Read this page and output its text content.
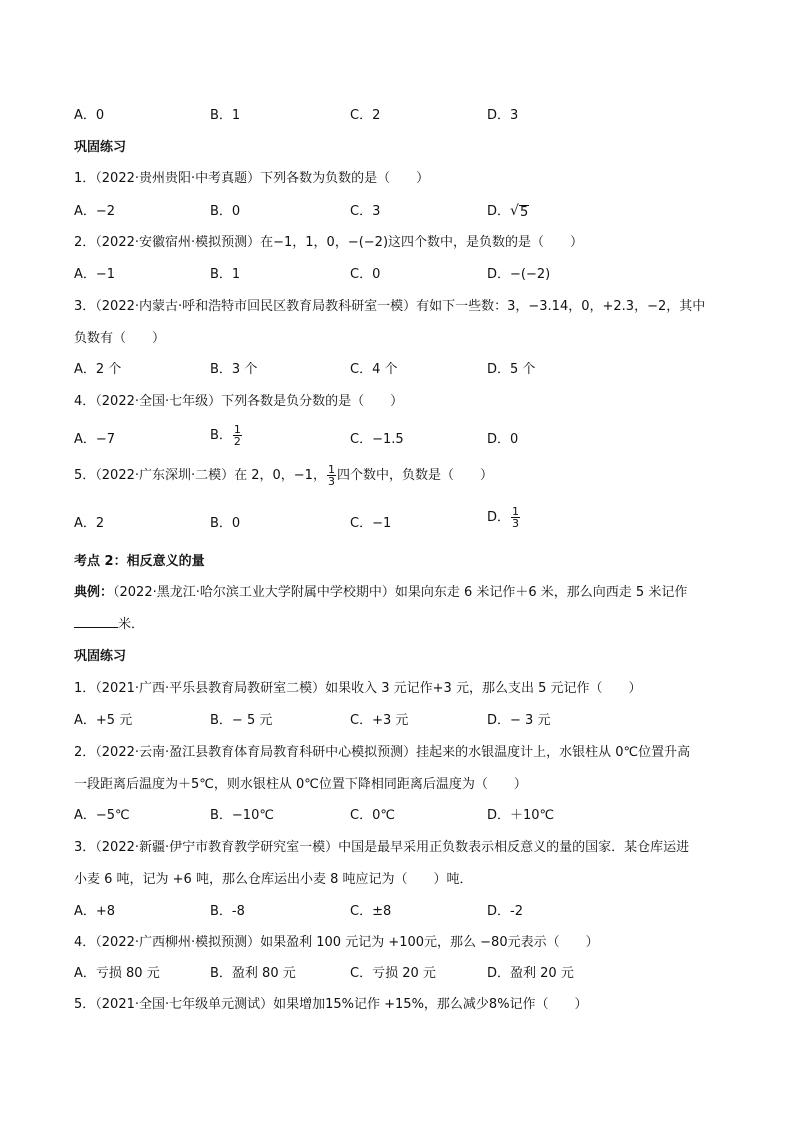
A．0	B．1	C．2	D．3
巩固练习
1．（2022·贵州贵阳·中考真题）下列各数为负数的是（　　）
A．−2	B．0	C．3	D． √ 5
2．（2022·安徽宿州·模拟预测）在−1，1，0，−(−2)这四个数中，是负数的是（　　）
A．−1	B．1	C．0	D．−(−2)
3．（2022·内蒙古·呼和浩特市回民区教育局教科研室一模）有如下一些数：3，−3.14，0，+2.3，−2，其中
负数有（　　）
A．2 个	B．3 个	C．4 个	D．5 个
4．（2022·全国·七年级）下列各数是负分数的是（　　）
A．−7	B． $\frac{1}{2}$	C．−1.5	D．0
5．（2022·广东深圳·二模）在 2，0，−1， $\frac{1}{3}$ 四个数中，负数是（　　）
A．2	B．0	C．−1	D． $\frac{1}{3}$
考点 2：相反意义的量
典例：（2022·黑龙江·哈尔滨工业大学附属中学校期中）如果向东走 6 米记作＋6 米，那么向西走 5 米记作
米．
巩固练习
1．（2021·广西·平乐县教育局教研室二模）如果收入 3 元记作+3 元，那么支出 5 元记作（　　）
A．+5 元	B．− 5 元	C．+3 元	D．− 3 元
2．（2022·云南·盈江县教育体育局教育科研中心模拟预测）挂起来的水银温度计上，水银柱从 0℃位置升高
一段距离后温度为＋5℃，则水银柱从 0℃位置下降相同距离后温度为（　　）
A．−5℃	B．−10℃	C．0℃	D．＋10℃
3．（2022·新疆·伊宁市教育教学研究室一模）中国是最早采用正负数表示相反意义的量的国家．某仓库运进
小麦 6 吨，记为 +6 吨，那么仓库运出小麦 8 吨应记为（　　）吨．
A．+8	B．-8	C．±8	D．-2
4．（2022·广西柳州·模拟预测）如果盈利 100 元记为 +100元，那么 −80元表示（　　）
A．亏损 80 元	B．盈利 80 元	C．亏损 20 元	D．盈利 20 元
5．（2021·全国·七年级单元测试）如果增加15%记作 +15%，那么减少8%记作（　　）
